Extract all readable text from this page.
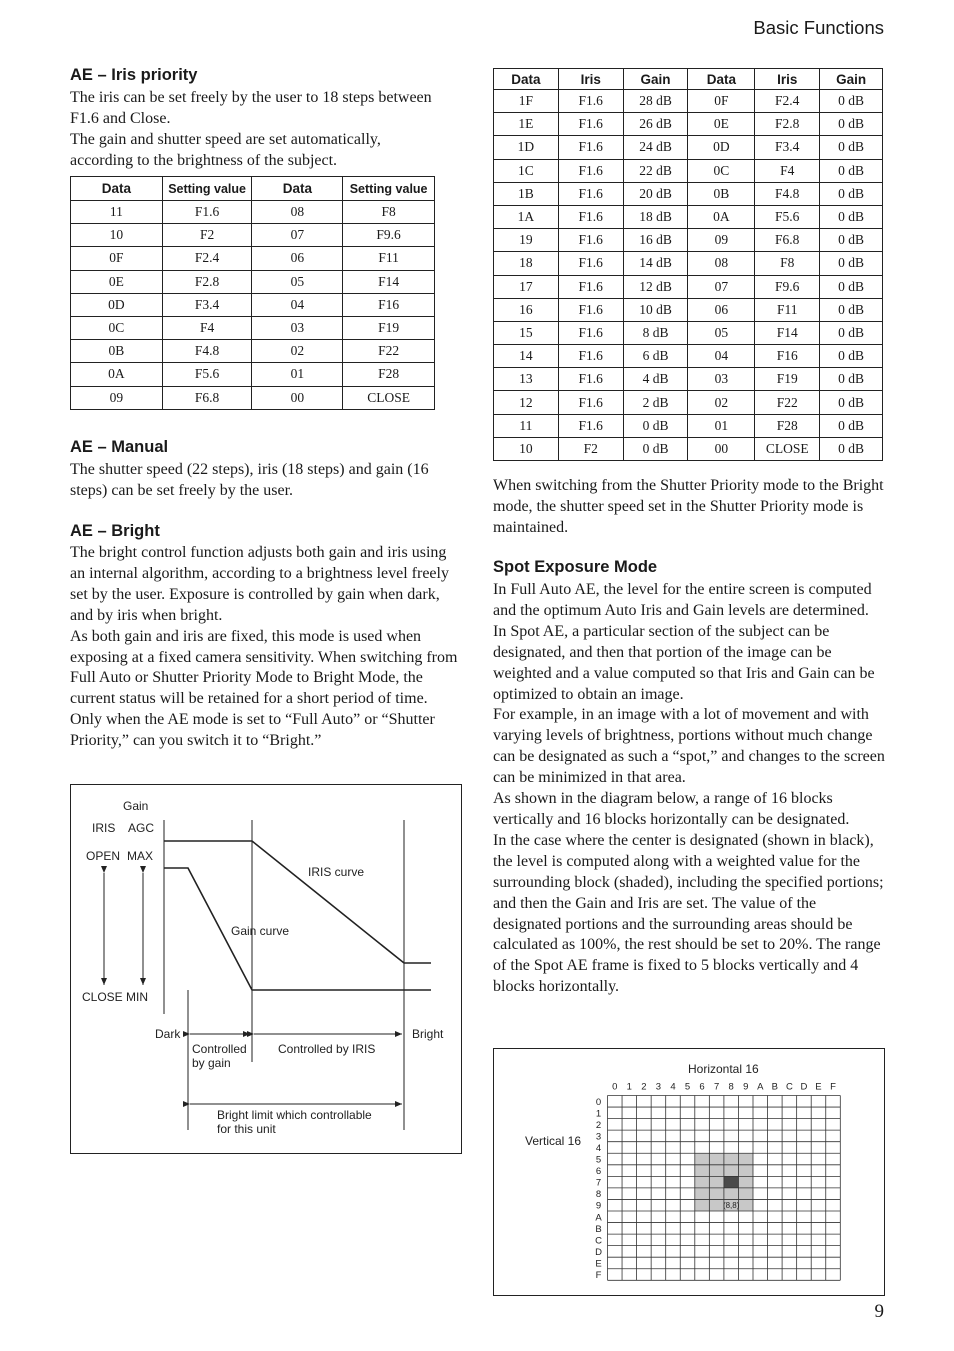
Basic Functions
AE – Iris priority

The iris can be set freely by the user to 18 steps between F1.6 and Close.

The gain and shutter speed are set automatically, according to the brightness of the subject.

Data	Setting value	Data	Setting value
11	F1.6	08	F8
10	F2	07	F9.6
0F	F2.4	06	F11
0E	F2.8	05	F14
0D	F3.4	04	F16
0C	F4	03	F19
0B	F4.8	02	F22
0A	F5.6	01	F28
09	F6.8	00	CLOSE
AE – Manual

The shutter speed (22 steps), iris (18 steps) and gain (16 steps) can be set freely by the user.

AE – Bright

The bright control function adjusts both gain and iris using an internal algorithm, according to a brightness level freely set by the user. Exposure is controlled by gain when dark, and by iris when bright.

As both gain and iris are fixed, this mode is used when exposing at a fixed camera sensitivity. When switching from Full Auto or Shutter Priority Mode to Bright Mode, the current status will be retained for a short period of time.

Only when the AE mode is set to “Full Auto” or “Shutter Priority,” can you switch it to “Bright.”

Gain
IRIS AGC
OPEN MAX
CLOSE MIN
IRIS curve
Gain curve
Dark	Bright
Controlled
by gain
Controlled by IRIS
Bright limit which controllable
for this unit
Data	Iris	Gain	Data	Iris	Gain
1F	F1.6	28 dB	0F	F2.4	0 dB
1E	F1.6	26 dB	0E	F2.8	0 dB
1D	F1.6	24 dB	0D	F3.4	0 dB
1C	F1.6	22 dB	0C	F4	0 dB
1B	F1.6	20 dB	0B	F4.8	0 dB
1A	F1.6	18 dB	0A	F5.6	0 dB
19	F1.6	16 dB	09	F6.8	0 dB
18	F1.6	14 dB	08	F8	0 dB
17	F1.6	12 dB	07	F9.6	0 dB
16	F1.6	10 dB	06	F11	0 dB
15	F1.6	8 dB	05	F14	0 dB
14	F1.6	6 dB	04	F16	0 dB
13	F1.6	4 dB	03	F19	0 dB
12	F1.6	2 dB	02	F22	0 dB
11	F1.6	0 dB	01	F28	0 dB
10	F2	0 dB	00	CLOSE	0 dB

When switching from the Shutter Priority mode to the Bright mode, the shutter speed set in the Shutter Priority mode is maintained.

Spot Exposure Mode

In Full Auto AE, the level for the entire screen is computed and the optimum Auto Iris and Gain levels are determined. In Spot AE, a particular section of the subject can be designated, and then that portion of the image can be weighted and a value computed so that Iris and Gain can be optimized to obtain an image.

For example, in an image with a lot of movement and with varying levels of brightness, portions without much change can be designated as such a “spot,” and changes to the screen can be minimized in that area.

As shown in the diagram below, a range of 16 blocks vertically and 16 blocks horizontally can be designated.

In the case where the center is designated (shown in black), the level is computed along with a weighted value for the surrounding block (shaded), including the specified portions; and then the Gain and Iris are set. The value of the designated portions and the surrounding areas should be calculated as 100%, the rest should be set to 20%. The range of the Spot AE frame is fixed to 5 blocks vertically and 4 blocks horizontally.

Horizontal 16
Vertical 16
0 1 2 3 4 5 6 7 8 9 A B C D E F
0
1
2
3
4
5
6
7
8
9
A
B
C
D
E
F
(8,8)
9
